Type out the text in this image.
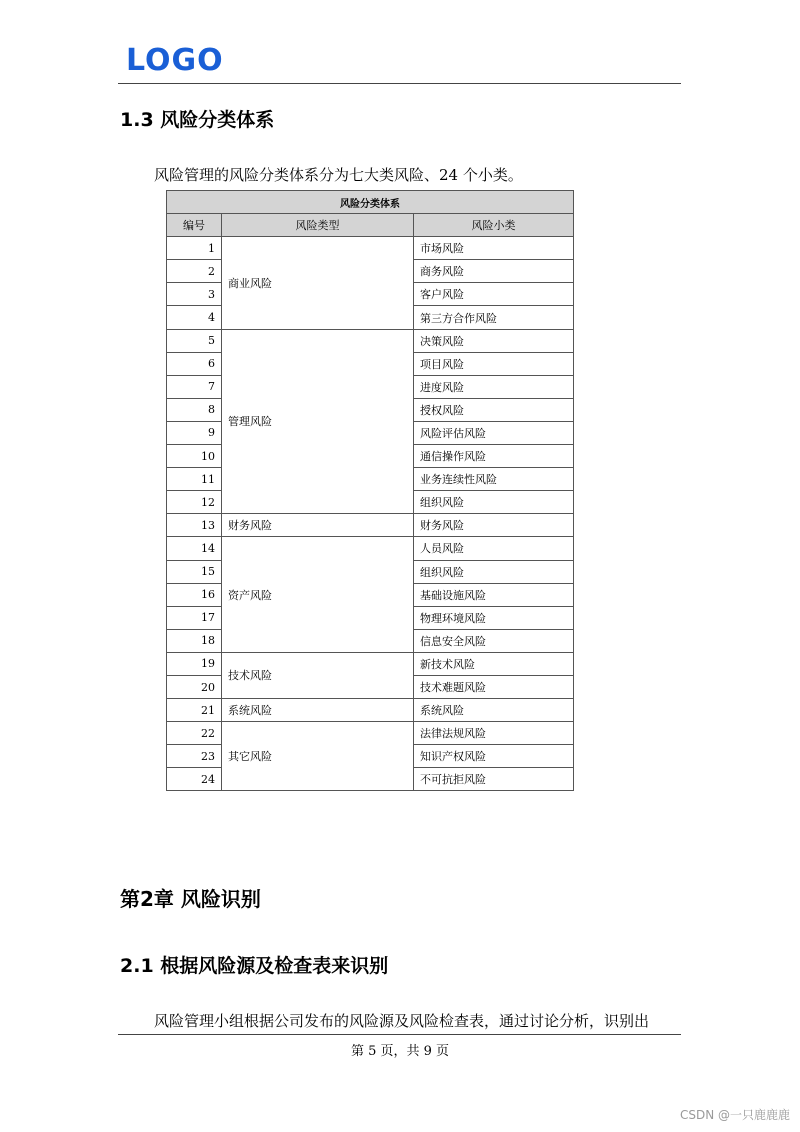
LOGO
1.3 风险分类体系
风险管理的风险分类体系分为七大类风险、24 个小类。
风险分类体系		
编号	风险类型	风险小类
1	商业风险	市场风险
2		商务风险
3		客户风险
4		第三方合作风险
5	管理风险	决策风险
6		项目风险
7		进度风险
8		授权风险
9		风险评估风险
10		通信操作风险
11		业务连续性风险
12		组织风险
13	财务风险	财务风险
14	资产风险	人员风险
15		组织风险
16		基础设施风险
17		物理环境风险
18		信息安全风险
19	技术风险	新技术风险
20		技术难题风险
21	系统风险	系统风险
22	其它风险	法律法规风险
23		知识产权风险
24		不可抗拒风险
第2章 风险识别
2.1 根据风险源及检查表来识别
风险管理小组根据公司发布的风险源及风险检查表，通过讨论分析，识别出
第 5 页，共 9 页
CSDN @一只鹿鹿鹿
